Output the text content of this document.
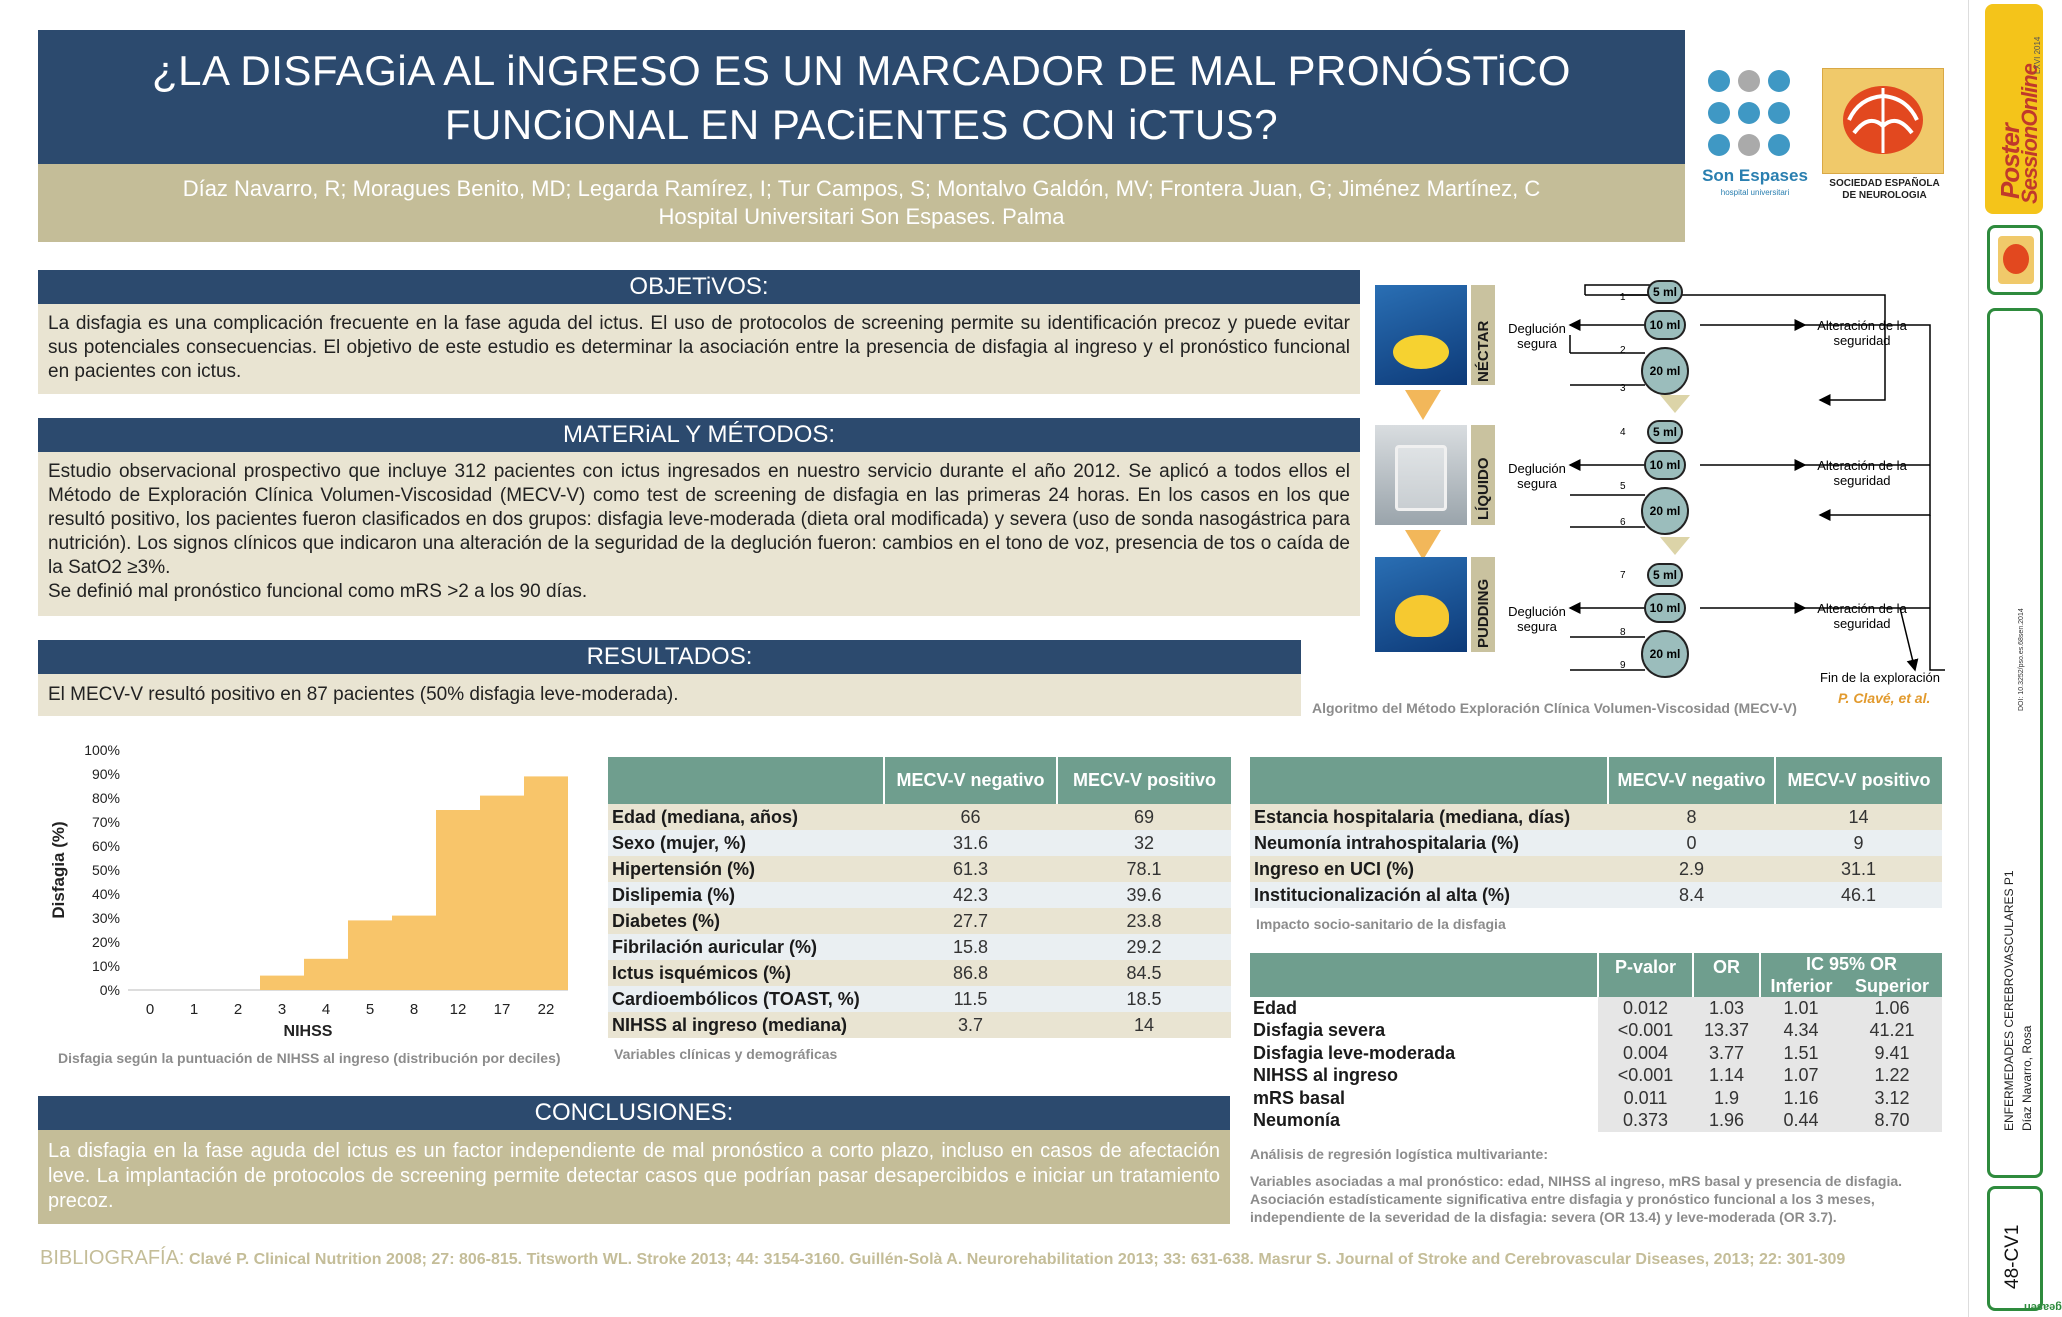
¿LA DISFAGiA AL iNGRESO ES UN MARCADOR DE MAL PRONÓSTiCO
FUNCiONAL EN PACiENTES CON iCTUS?
Díaz Navarro, R; Moragues Benito, MD; Legarda Ramírez, I; Tur Campos, S; Montalvo Galdón, MV; Frontera Juan, G; Jiménez Martínez, C
Hospital Universitari Son Espases. Palma
Son Espases
hospital universitari
SOCIEDAD ESPAÑOLA
DE NEUROLOGIA
OBJETiVOS:
La disfagia es una complicación frecuente en la fase aguda del ictus. El uso de protocolos de screening permite su identificación precoz y puede evitar sus potenciales consecuencias. El objetivo de este estudio es determinar la asociación entre la presencia de disfagia al ingreso y el pronóstico funcional en pacientes con ictus.
MATERiAL Y MÉTODOS:
Estudio observacional prospectivo que incluye 312 pacientes con ictus ingresados en nuestro servicio durante el año 2012. Se aplicó a todos ellos el Método de Exploración Clínica Volumen-Viscosidad (MECV-V) como test de screening de disfagia en las primeras 24 horas. En los casos en los que resultó positivo, los pacientes fueron clasificados en dos grupos: disfagia leve-moderada (dieta oral modificada) y severa (uso de sonda nasogástrica para nutrición). Los signos clínicos que indicaron una alteración de la seguridad de la deglución fueron: cambios en el tono de voz, presencia de tos o caída de la SatO2 ≥3%.
Se definió mal pronóstico funcional como mRS >2 a los 90 días.
RESULTADOS:
El MECV-V resultó positivo en 87 pacientes (50% disfagia leve-moderada).
NÉCTAR
LÍQUIDO
PUDDING
5 ml
10 ml
20 ml
5 ml
10 ml
20 ml
5 ml
10 ml
20 ml
Deglución
segura
Deglución
segura
Deglución
segura
Alteración de la
seguridad
Alteración de la
seguridad
Alteración de la
seguridad
1
2
3
4
5
6
7
8
9
Fin de la exploración
Algoritmo del Método Exploración Clínica Volumen-Viscosidad (MECV-V)
P. Clavé, et al.
0%
10%
20%
30%
40%
50%
60%
70%
80%
90%
100%
0 1 2 3 4 5 8 12 17 22
NIHSS
Disfagia (%)
Disfagia según la puntuación de NIHSS al ingreso (distribución por deciles)
	MECV-V negativo	MECV-V positivo
Edad (mediana, años)	66	69
Sexo (mujer, %)	31.6	32
Hipertensión (%)	61.3	78.1
Dislipemia (%)	42.3	39.6
Diabetes (%)	27.7	23.8
Fibrilación auricular (%)	15.8	29.2
Ictus isquémicos (%)	86.8	84.5
Cardioembólicos (TOAST, %)	11.5	18.5
NIHSS al ingreso (mediana)	3.7	14
Variables clínicas y demográficas
	MECV-V negativo	MECV-V positivo
Estancia hospitalaria (mediana, días)	8	14
Neumonía intrahospitalaria (%)	0	9
Ingreso en UCI (%)	2.9	31.1
Institucionalización al alta (%)	8.4	46.1
Impacto socio-sanitario de la disfagia
	P-valor	OR	IC 95% OR	
			Inferior	Superior
Edad	0.012	1.03	1.01	1.06
Disfagia severa	<0.001	13.37	4.34	41.21
Disfagia leve-moderada	0.004	3.77	1.51	9.41
NIHSS al ingreso	<0.001	1.14	1.07	1.22
mRS basal	0.011	1.9	1.16	3.12
Neumonía	0.373	1.96	0.44	8.70
Análisis de regresión logística multivariante:
Variables asociadas a mal pronóstico: edad, NIHSS al ingreso, mRS basal y presencia de disfagia. Asociación estadísticamente significativa entre disfagia y pronóstico funcional a los 3 meses, independiente de la severidad de la disfagia: severa (OR 13.4) y leve-moderada (OR 3.7).
CONCLUSIONES:
La disfagia en la fase aguda del ictus es un factor independiente de mal pronóstico a corto plazo, incluso en casos de afectación leve. La implantación de protocolos de screening permite detectar casos que podrían pasar desapercibidos e iniciar un tratamiento precoz.
BIBLIOGRAFÍA: Clavé P. Clinical Nutrition 2008; 27: 806-815. Titsworth WL. Stroke 2013; 44: 3154-3160. Guillén-Solà A. Neurorehabilitation 2013; 33: 631-638. Masrur S. Journal of Stroke and Cerebrovascular Diseases, 2013; 22: 301-309
Poster
SessionOnline
LXVI 2014
DOI: 10.3252/pso.es.68sen.2014
ENFERMEDADES CEREBROVASCULARES P1 Díaz Navarro, Rosa
48-CV1
geasen
